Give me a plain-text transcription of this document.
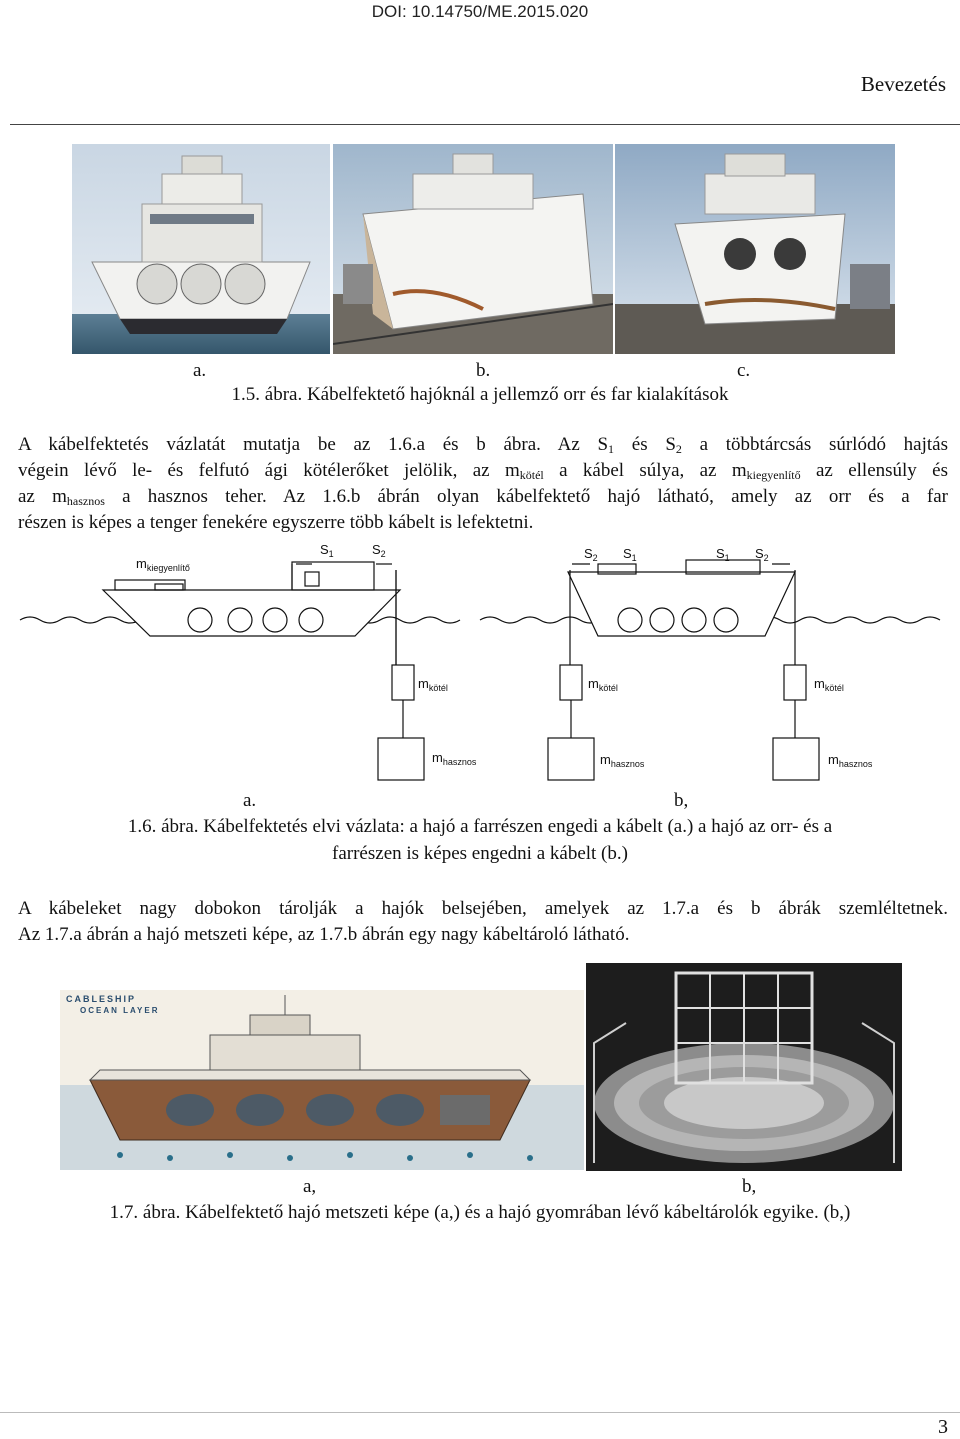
DOI: 10.14750/ME.2015.020
Bevezetés
a.	b.	c.
1.5. ábra. Kábelfektető hajóknál a jellemző orr és far kialakítások
A kábelfektetés vázlatát mutatja be az 1.6.a és b ábra. Az $S_1$ és $S_2$ a többtárcsás súrlódó hajtás
végein lévő le- és felfutó ági kötélerőket jelölik, az $m_{kötél}$ a kábel súlya, az $m_{kiegyenlítő}$ az ellensúly és
az $m_{hasznos}$ a hasznos teher. Az 1.6.b ábrán olyan kábelfektető hajó látható, amely az orr és a far
részen is képes a tenger fenekére egyszerre több kábelt is lefektetni.
$m_{kiegyenlítő}$
$S_1$	$S_2$	$S_2$ $S_1$	$S_1$ $S_2$
$m_{kötél}$	$m_{kötél}$	$m_{kötél}$
$m_{hasznos}$	$m_{hasznos}$	$m_{hasznos}$
a.	b,
1.6. ábra. Kábelfektetés elvi vázlata: a hajó a farrészen engedi a kábelt (a.) a hajó az orr- és a
farrészen is képes engedni a kábelt (b.)
A kábeleket nagy dobokon tárolják a hajók belsejében, amelyek az 1.7.a és b ábrák szemléltetnek.
Az 1.7.a ábrán a hajó metszeti képe, az 1.7.b ábrán egy nagy kábeltároló látható.
CABLESHIP
OCEAN LAYER
a,	b,
1.7. ábra. Kábelfektető hajó metszeti képe (a,) és a hajó gyomrában lévő kábeltárolók egyike. (b,)
3
